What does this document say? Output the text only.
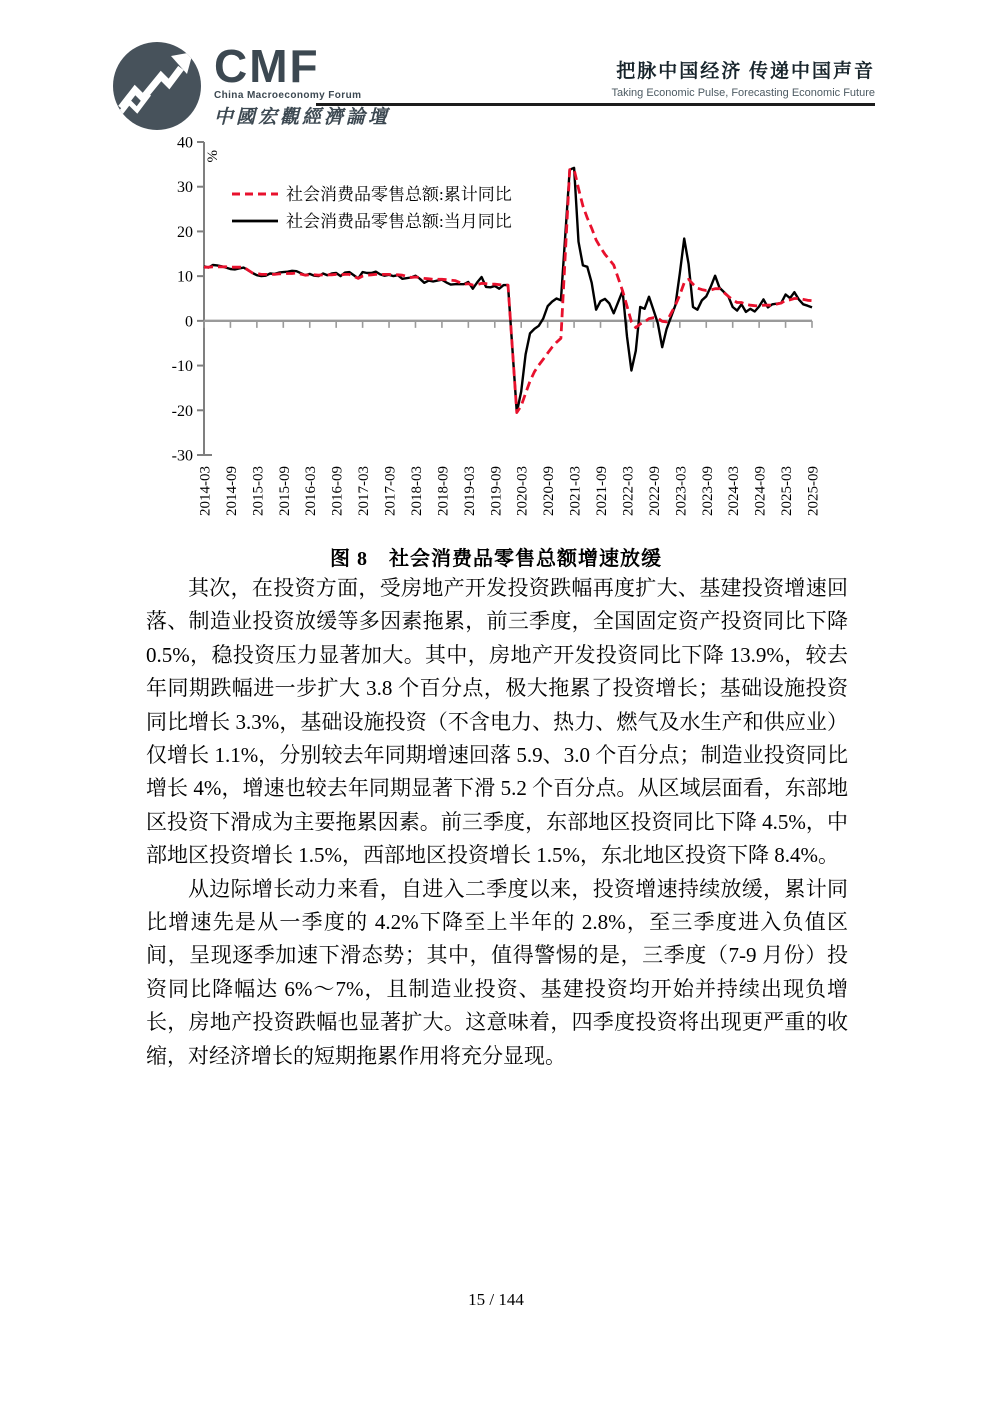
CMF
China Macroeconomy Forum
中國宏觀經濟論壇
把脉中国经济 传递中国声音
Taking Economic Pulse, Forecasting Economic Future
40
30
20
10
0
-10
-20
-30
%
2014-03 2014-09 2015-03 2015-09 2016-03 2016-09 2017-03 2017-09 2018-03 2018-09 2019-03 2019-09 2020-03 2020-09 2021-03 2021-09 2022-03 2022-09 2023-03 2023-09 2024-03 2024-09 2025-03 2025-09
社会消费品零售总额:累计同比
社会消费品零售总额:当月同比
图 8　社会消费品零售总额增速放缓

其次，在投资方面，受房地产开发投资跌幅再度扩大、基建投资增速回落、制造业投资放缓等多因素拖累，前三季度，全国固定资产投资同比下降 0.5%，稳投资压力显著加大。其中，房地产开发投资同比下降 13.9%，较去年同期跌幅进一步扩大 3.8 个百分点，极大拖累了投资增长；基础设施投资同比增长 3.3%，基础设施投资（不含电力、热力、燃气及水生产和供应业）仅增长 1.1%，分别较去年同期增速回落 5.9、3.0 个百分点；制造业投资同比增长 4%，增速也较去年同期显著下滑 5.2 个百分点。从区域层面看，东部地区投资下滑成为主要拖累因素。前三季度，东部地区投资同比下降 4.5%，中部地区投资增长 1.5%，西部地区投资增长 1.5%，东北地区投资下降 8.4%。

从边际增长动力来看，自进入二季度以来，投资增速持续放缓，累计同比增速先是从一季度的 4.2%下降至上半年的 2.8%，至三季度进入负值区间，呈现逐季加速下滑态势；其中，值得警惕的是，三季度（7-9 月份）投资同比降幅达 6%～7%，且制造业投资、基建投资均开始并持续出现负增长，房地产投资跌幅也显著扩大。这意味着，四季度投资将出现更严重的收缩，对经济增长的短期拖累作用将充分显现。

15 / 144
